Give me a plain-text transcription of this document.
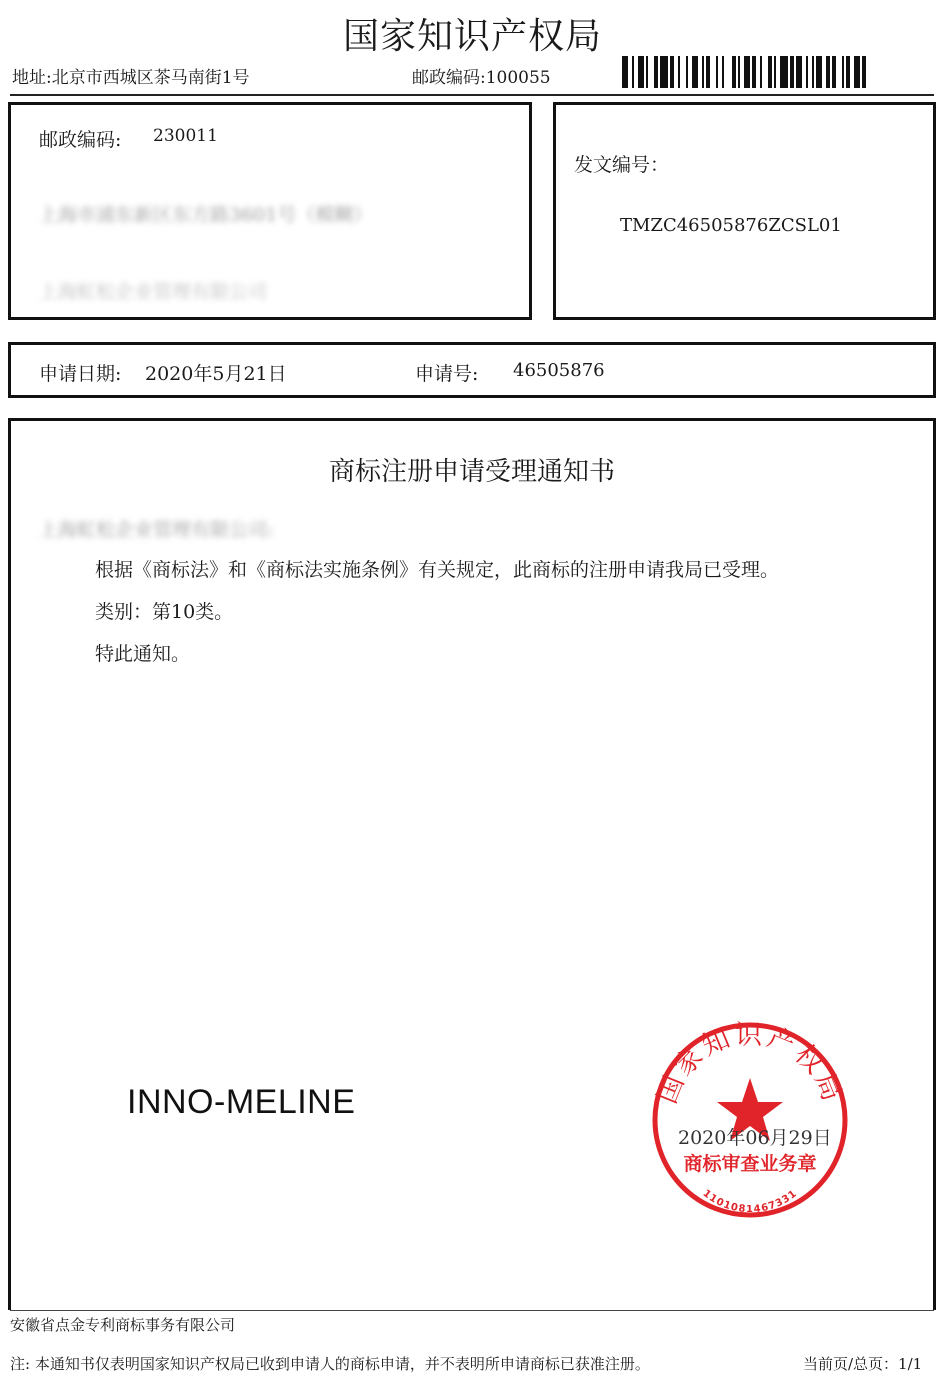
国家知识产权局
地址:北京市西城区茶马南街1号	邮政编码:100055
邮政编码: 230011
上海市浦东新区东方路3601号（模糊）
上海虹松企业管理有限公司
发文编号：
TMZC46505876ZCSL01
申请日期: 2020年5月21日	申请号: 46505876
商标注册申请受理通知书
上海虹松企业管理有限公司:
根据《商标法》和《商标法实施条例》有关规定，此商标的注册申请我局已受理。
类别：第10类。
特此通知。
INNO-MELINE	国家知识产权局
商标审查业务章
1101081467331
2020年06月29日
安徽省点金专利商标事务有限公司
注: 本通知书仅表明国家知识产权局已收到申请人的商标申请，并不表明所申请商标已获准注册。	当前页/总页：1/1
